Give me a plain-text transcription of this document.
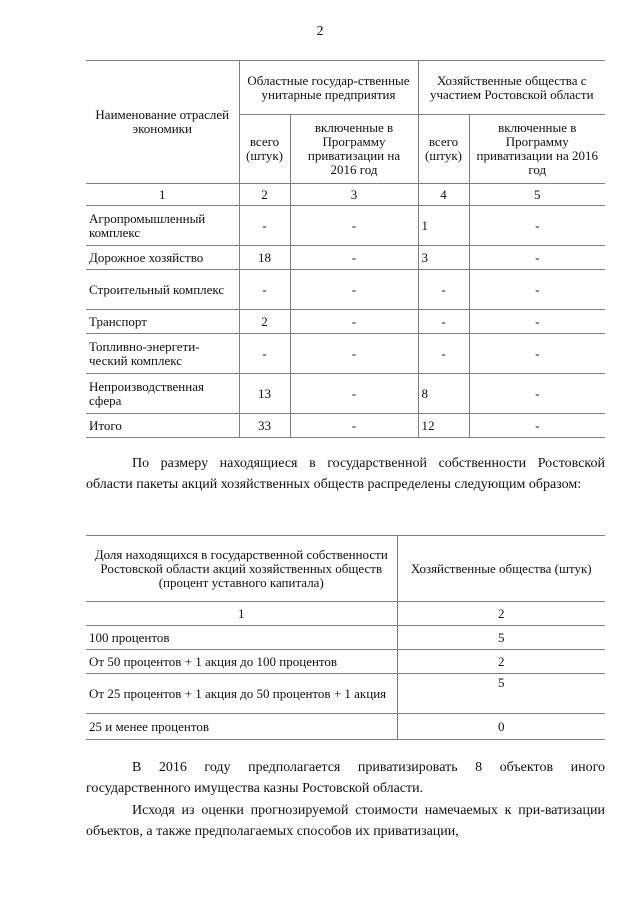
2
Наименование отраслей экономики	Областные государ-ственные унитарные предприятия		Хозяйственные общества с участием Ростовской области	
	всего (штук)	включенные в Программу приватизации на 2016 год	всего (штук)	включенные в Программу приватизации на 2016 год
1	2	3	4	5
Агропромышленный комплекс	-	-	1	-
Дорожное хозяйство	18	-	3	-
Строительный комплекс	-	-	-	-
Транспорт	2	-	-	-
Топливно-энергети-ческий комплекс	-	-	-	-
Непроизводственная сфера	13	-	8	-
Итого	33	-	12	-

По размеру находящиеся в государственной собственности Ростовской области пакеты акций хозяйственных обществ распределены следующим образом:

Доля находящихся в государственной собственности Ростовской области акций хозяйственных обществ (процент уставного капитала)	Хозяйственные общества (штук)
1	2
100 процентов	5
От 50 процентов + 1 акция до 100 процентов	2
От 25 процентов + 1 акция до 50 процентов + 1 акция	5
25 и менее процентов	0

В 2016 году предполагается приватизировать 8 объектов иного государственного имущества казны Ростовской области.

Исходя из оценки прогнозируемой стоимости намечаемых к при-ватизации объектов, а также предполагаемых способов их приватизации,
